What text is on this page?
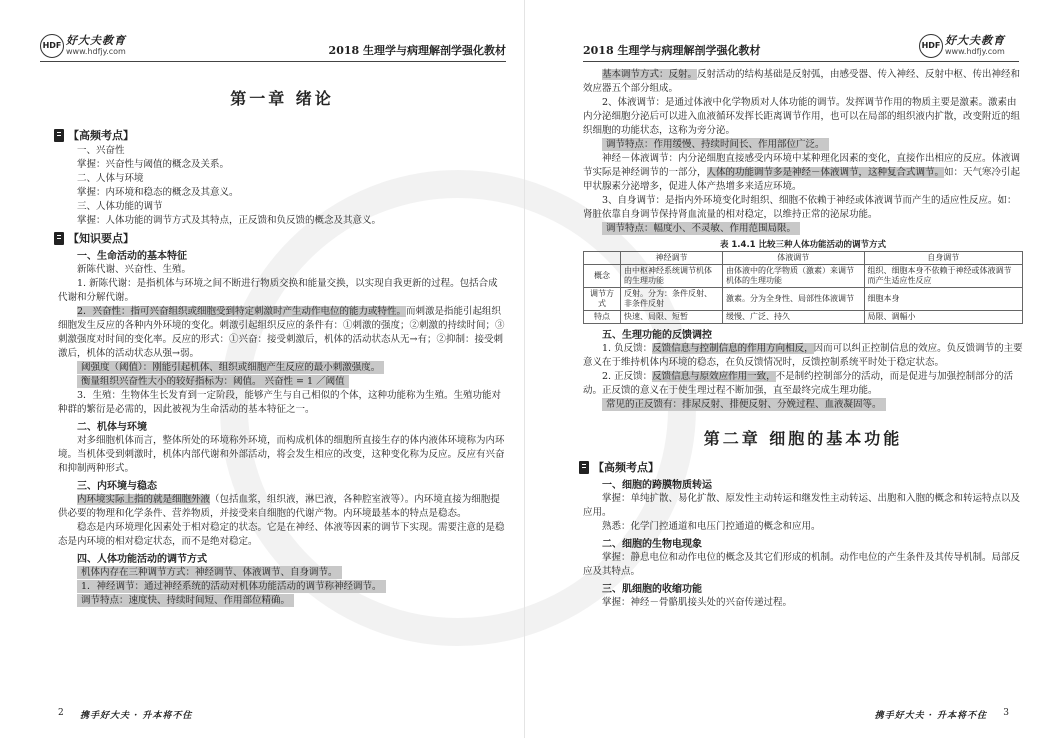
HDF 好大夫教育
www.hdfjy.com	2018 生理学与病理解剖学强化教材
第一章 绪论
【高频考点】

一、兴奋性

掌握：兴奋性与阈值的概念及关系。

二、人体与环境

掌握：内环境和稳态的概念及其意义。

三、人体功能的调节

掌握：人体功能的调节方式及其特点，正反馈和负反馈的概念及其意义。

【知识要点】
一、生命活动的基本特征

新陈代谢、兴奋性、生殖。

1. 新陈代谢：是指机体与环境之间不断进行物质交换和能量交换，以实现自我更新的过程。包括合成代谢和分解代谢。

2．兴奋性：指可兴奋组织或细胞受到特定刺激时产生动作电位的能力或特性。而刺激是指能引起组织细胞发生反应的各种内外环境的变化。刺激引起组织反应的条件有：①刺激的强度；②刺激的持续时间；③刺激强度对时间的变化率。反应的形式：①兴奋：接受刺激后，机体的活动状态从无→有；②抑制：接受刺激后，机体的活动状态从强→弱。

阈强度（阈值）：刚能引起机体、组织或细胞产生反应的最小刺激强度。

衡量组织兴奋性大小的较好指标为：阈值。 兴奋性 = 1 ／阈值

3．生殖：生物体生长发育到一定阶段，能够产生与自己相似的个体，这种功能称为生殖。生殖功能对种群的繁衍是必需的，因此被视为生命活动的基本特征之一。

二、机体与环境

对多细胞机体而言，整体所处的环境称外环境，而构成机体的细胞所直接生存的体内液体环境称为内环境。当机体受到刺激时，机体内部代谢和外部活动，将会发生相应的改变，这种变化称为反应。反应有兴奋和抑制两种形式。

三、内环境与稳态

内环境实际上指的就是细胞外液（包括血浆，组织液，淋巴液，各种腔室液等）。内环境直接为细胞提供必要的物理和化学条件、营养物质，并接受来自细胞的代谢产物。内环境最基本的特点是稳态。

稳态是内环境理化因素处于相对稳定的状态。它是在神经、体液等因素的调节下实现。需要注意的是稳态是内环境的相对稳定状态，而不是绝对稳定。

四、人体功能活动的调节方式

机体内存在三种调节方式：神经调节、体液调节、自身调节。

1．神经调节：通过神经系统的活动对机体功能活动的调节称神经调节。

调节特点：速度快、持续时间短、作用部位精确。

2 携手好大夫 · 升本将不住
2018 生理学与病理解剖学强化教材	HDF 好大夫教育
www.hdfjy.com

基本调节方式：反射。反射活动的结构基础是反射弧，由感受器、传入神经、反射中枢、传出神经和效应器五个部分组成。

2、体液调节：是通过体液中化学物质对人体功能的调节。发挥调节作用的物质主要是激素。激素由内分泌细胞分泌后可以进入血液循环发挥长距离调节作用，也可以在局部的组织液内扩散，改变附近的组织细胞的功能状态，这称为旁分泌。

调节特点：作用缓慢、持续时间长、作用部位广泛。

神经－体液调节：内分泌细胞直接感受内环境中某种理化因素的变化，直接作出相应的反应。体液调节实际是神经调节的一部分，人体的功能调节多是神经－体液调节，这种复合式调节。如：天气寒冷引起甲状腺素分泌增多，促进人体产热增多来适应环境。

3、自身调节：是指内外环境变化时组织、细胞不依赖于神经或体液调节而产生的适应性反应。如：肾脏依靠自身调节保持肾血流量的相对稳定，以维持正常的泌尿功能。

调节特点：幅度小、不灵敏、作用范围局限。

表 1.4.1 比较三种人体功能活动的调节方式
	神经调节	体液调节	自身调节
概念	由中枢神经系统调节机体的生理功能	由体液中的化学物质（激素）来调节机体的生理功能	组织、细胞本身不依赖于神经或体液调节而产生适应性反应
调节方式	反射。分为：条件反射、非条件反射	激素。分为全身性、局部性体液调节	细胞本身
特点	快速、局限、短暂	缓慢、广泛、持久	局限、调幅小
五、生理功能的反馈调控

1. 负反馈：反馈信息与控制信息的作用方向相反，因而可以纠正控制信息的效应。负反馈调节的主要意义在于维持机体内环境的稳态，在负反馈情况时，反馈控制系统平时处于稳定状态。

2. 正反馈：反馈信息与原效应作用一致，不是制约控制部分的活动，而是促进与加强控制部分的活动。正反馈的意义在于使生理过程不断加强，直至最终完成生理功能。

常见的正反馈有：排尿反射、排便反射、分娩过程、血液凝固等。

第二章 细胞的基本功能
【高频考点】
一、细胞的跨膜物质转运

掌握：单纯扩散、易化扩散、原发性主动转运和继发性主动转运、出胞和入胞的概念和转运特点以及应用。

熟悉：化学门控通道和电压门控通道的概念和应用。

二、细胞的生物电现象

掌握：静息电位和动作电位的概念及其它们形成的机制。动作电位的产生条件及其传导机制。局部反应及其特点。

三、肌细胞的收缩功能

掌握：神经－骨骼肌接头处的兴奋传递过程。

携手好大夫 · 升本将不住 3
